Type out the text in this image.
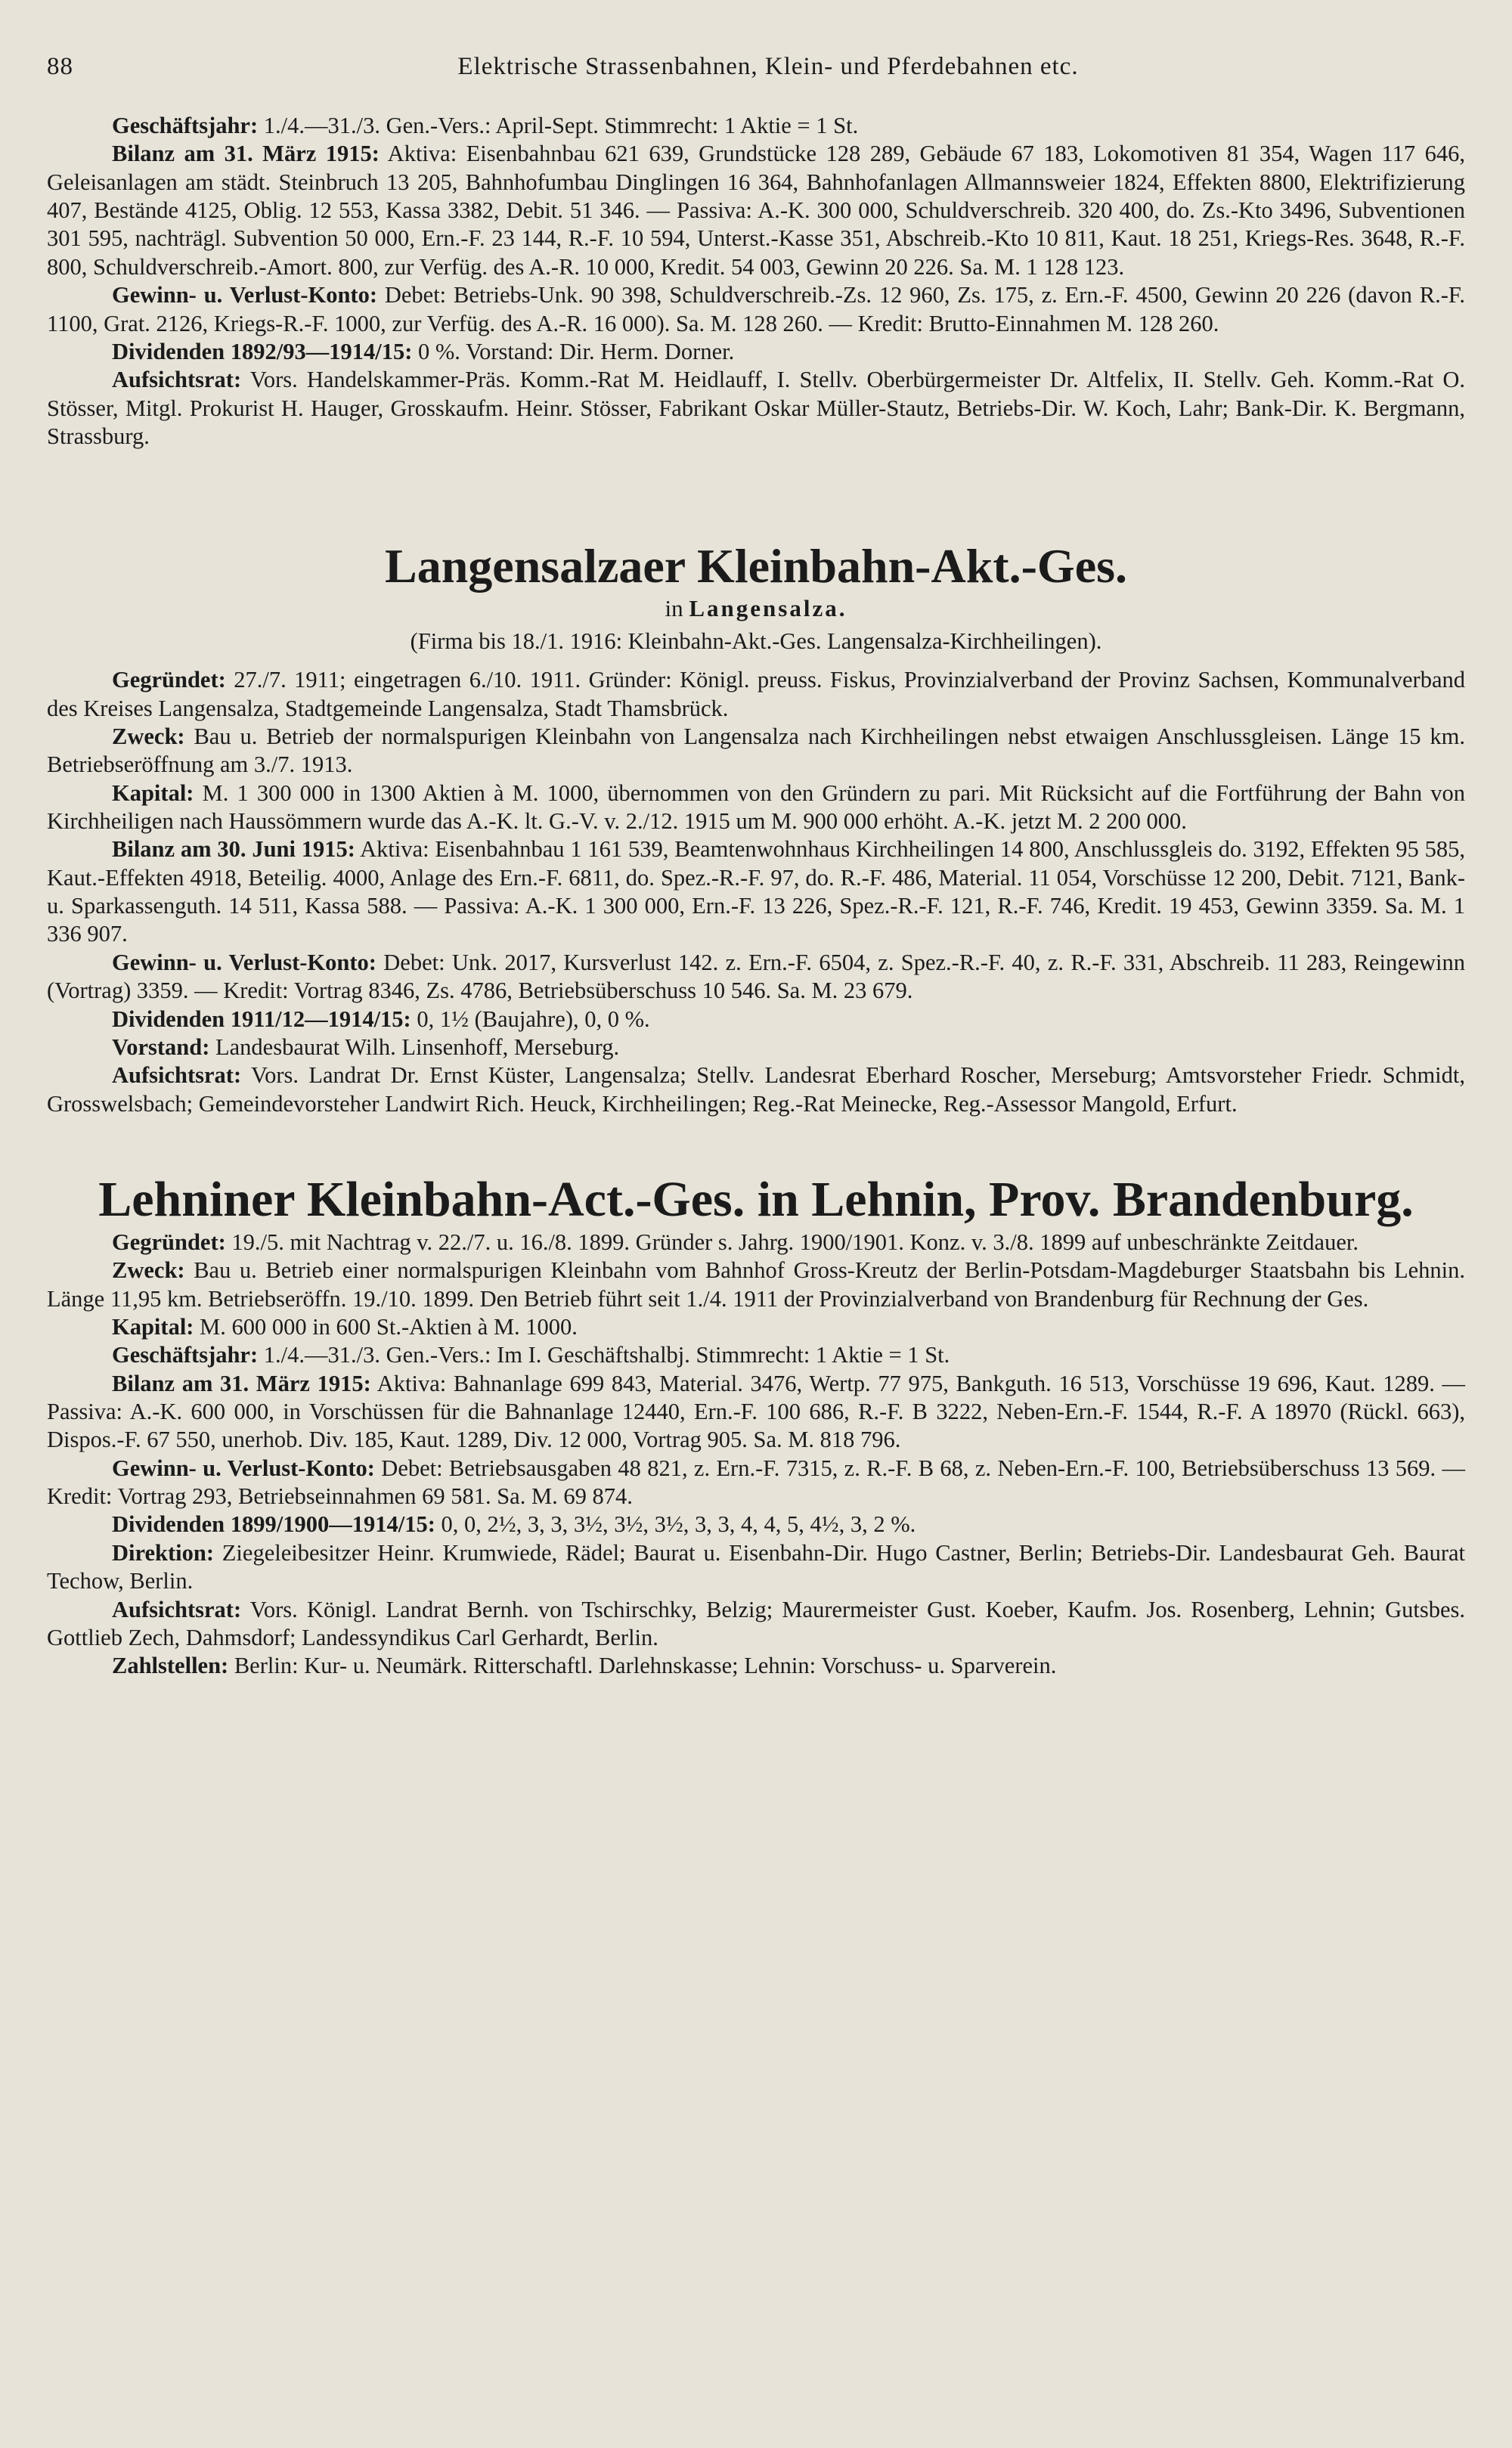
88	Elektrische Strassenbahnen, Klein- und Pferdebahnen etc.

Geschäftsjahr: 1./4.—31./3. Gen.-Vers.: April-Sept. Stimmrecht: 1 Aktie = 1 St.

Bilanz am 31. März 1915: Aktiva: Eisenbahnbau 621 639, Grundstücke 128 289, Gebäude 67 183, Lokomotiven 81 354, Wagen 117 646, Geleisanlagen am städt. Steinbruch 13 205, Bahnhofumbau Dinglingen 16 364, Bahnhofanlagen Allmannsweier 1824, Effekten 8800, Elektrifizierung 407, Bestände 4125, Oblig. 12 553, Kassa 3382, Debit. 51 346. — Passiva: A.-K. 300 000, Schuldverschreib. 320 400, do. Zs.-Kto 3496, Subventionen 301 595, nachträgl. Subvention 50 000, Ern.-F. 23 144, R.-F. 10 594, Unterst.-Kasse 351, Abschreib.-Kto 10 811, Kaut. 18 251, Kriegs-Res. 3648, R.-F. 800, Schuldverschreib.-Amort. 800, zur Verfüg. des A.-R. 10 000, Kredit. 54 003, Gewinn 20 226. Sa. M. 1 128 123.

Gewinn- u. Verlust-Konto: Debet: Betriebs-Unk. 90 398, Schuldverschreib.-Zs. 12 960, Zs. 175, z. Ern.-F. 4500, Gewinn 20 226 (davon R.-F. 1100, Grat. 2126, Kriegs-R.-F. 1000, zur Verfüg. des A.-R. 16 000). Sa. M. 128 260. — Kredit: Brutto-Einnahmen M. 128 260.

Dividenden 1892/93—1914/15: 0 %. Vorstand: Dir. Herm. Dorner.

Aufsichtsrat: Vors. Handelskammer-Präs. Komm.-Rat M. Heidlauff, I. Stellv. Oberbürgermeister Dr. Altfelix, II. Stellv. Geh. Komm.-Rat O. Stösser, Mitgl. Prokurist H. Hauger, Grosskaufm. Heinr. Stösser, Fabrikant Oskar Müller-Stautz, Betriebs-Dir. W. Koch, Lahr; Bank-Dir. K. Bergmann, Strassburg.

Langensalzaer Kleinbahn-Akt.-Ges.

in Langensalza.

(Firma bis 18./1. 1916: Kleinbahn-Akt.-Ges. Langensalza-Kirchheilingen).

Gegründet: 27./7. 1911; eingetragen 6./10. 1911. Gründer: Königl. preuss. Fiskus, Provinzialverband der Provinz Sachsen, Kommunalverband des Kreises Langensalza, Stadtgemeinde Langensalza, Stadt Thamsbrück.

Zweck: Bau u. Betrieb der normalspurigen Kleinbahn von Langensalza nach Kirchheilingen nebst etwaigen Anschlussgleisen. Länge 15 km. Betriebseröffnung am 3./7. 1913.

Kapital: M. 1 300 000 in 1300 Aktien à M. 1000, übernommen von den Gründern zu pari. Mit Rücksicht auf die Fortführung der Bahn von Kirchheiligen nach Haussömmern wurde das A.-K. lt. G.-V. v. 2./12. 1915 um M. 900 000 erhöht. A.-K. jetzt M. 2 200 000.

Bilanz am 30. Juni 1915: Aktiva: Eisenbahnbau 1 161 539, Beamtenwohnhaus Kirchheilingen 14 800, Anschlussgleis do. 3192, Effekten 95 585, Kaut.-Effekten 4918, Beteilig. 4000, Anlage des Ern.-F. 6811, do. Spez.-R.-F. 97, do. R.-F. 486, Material. 11 054, Vorschüsse 12 200, Debit. 7121, Bank- u. Sparkassenguth. 14 511, Kassa 588. — Passiva: A.-K. 1 300 000, Ern.-F. 13 226, Spez.-R.-F. 121, R.-F. 746, Kredit. 19 453, Gewinn 3359. Sa. M. 1 336 907.

Gewinn- u. Verlust-Konto: Debet: Unk. 2017, Kursverlust 142. z. Ern.-F. 6504, z. Spez.-R.-F. 40, z. R.-F. 331, Abschreib. 11 283, Reingewinn (Vortrag) 3359. — Kredit: Vortrag 8346, Zs. 4786, Betriebsüberschuss 10 546. Sa. M. 23 679.

Dividenden 1911/12—1914/15: 0, 1½ (Baujahre), 0, 0 %.

Vorstand: Landesbaurat Wilh. Linsenhoff, Merseburg.

Aufsichtsrat: Vors. Landrat Dr. Ernst Küster, Langensalza; Stellv. Landesrat Eberhard Roscher, Merseburg; Amtsvorsteher Friedr. Schmidt, Grosswelsbach; Gemeindevorsteher Landwirt Rich. Heuck, Kirchheilingen; Reg.-Rat Meinecke, Reg.-Assessor Mangold, Erfurt.

Lehniner Kleinbahn-Act.-Ges. in Lehnin, Prov. Brandenburg.

Gegründet: 19./5. mit Nachtrag v. 22./7. u. 16./8. 1899. Gründer s. Jahrg. 1900/1901. Konz. v. 3./8. 1899 auf unbeschränkte Zeitdauer.

Zweck: Bau u. Betrieb einer normalspurigen Kleinbahn vom Bahnhof Gross-Kreutz der Berlin-Potsdam-Magdeburger Staatsbahn bis Lehnin. Länge 11,95 km. Betriebseröffn. 19./10. 1899. Den Betrieb führt seit 1./4. 1911 der Provinzialverband von Brandenburg für Rechnung der Ges.

Kapital: M. 600 000 in 600 St.-Aktien à M. 1000.

Geschäftsjahr: 1./4.—31./3. Gen.-Vers.: Im I. Geschäftshalbj. Stimmrecht: 1 Aktie = 1 St.

Bilanz am 31. März 1915: Aktiva: Bahnanlage 699 843, Material. 3476, Wertp. 77 975, Bankguth. 16 513, Vorschüsse 19 696, Kaut. 1289. — Passiva: A.-K. 600 000, in Vorschüssen für die Bahnanlage 12440, Ern.-F. 100 686, R.-F. B 3222, Neben-Ern.-F. 1544, R.-F. A 18970 (Rückl. 663), Dispos.-F. 67 550, unerhob. Div. 185, Kaut. 1289, Div. 12 000, Vortrag 905. Sa. M. 818 796.

Gewinn- u. Verlust-Konto: Debet: Betriebsausgaben 48 821, z. Ern.-F. 7315, z. R.-F. B 68, z. Neben-Ern.-F. 100, Betriebsüberschuss 13 569. — Kredit: Vortrag 293, Betriebseinnahmen 69 581. Sa. M. 69 874.

Dividenden 1899/1900—1914/15: 0, 0, 2½, 3, 3, 3½, 3½, 3½, 3, 3, 4, 4, 5, 4½, 3, 2 %.

Direktion: Ziegeleibesitzer Heinr. Krumwiede, Rädel; Baurat u. Eisenbahn-Dir. Hugo Castner, Berlin; Betriebs-Dir. Landesbaurat Geh. Baurat Techow, Berlin.

Aufsichtsrat: Vors. Königl. Landrat Bernh. von Tschirschky, Belzig; Maurermeister Gust. Koeber, Kaufm. Jos. Rosenberg, Lehnin; Gutsbes. Gottlieb Zech, Dahmsdorf; Landessyndikus Carl Gerhardt, Berlin.

Zahlstellen: Berlin: Kur- u. Neumärk. Ritterschaftl. Darlehnskasse; Lehnin: Vorschuss- u. Sparverein.
